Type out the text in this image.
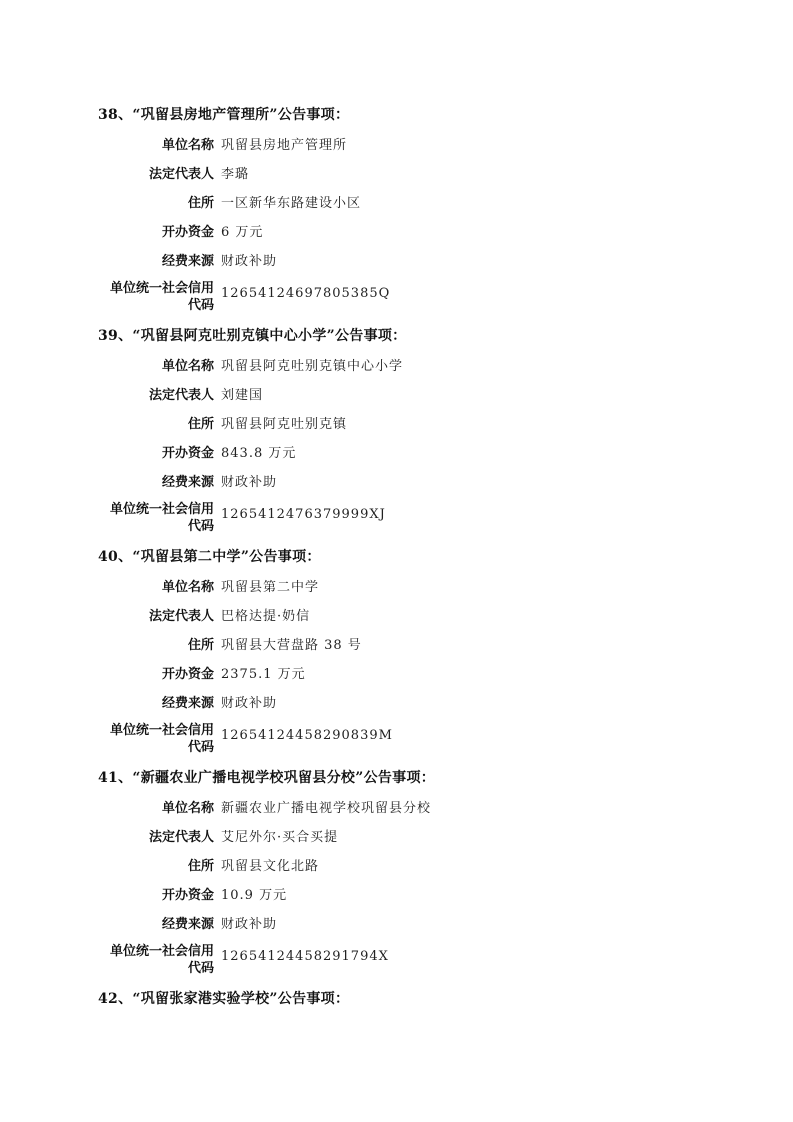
38、“巩留县房地产管理所”公告事项：
单位名称 巩留县房地产管理所
法定代表人 李璐
住所 一区新华东路建设小区
开办资金 6 万元
经费来源 财政补助
单位统一社会信用
代码
12654124697805385Q
39、“巩留县阿克吐别克镇中心小学”公告事项：
单位名称 巩留县阿克吐别克镇中心小学
法定代表人 刘建国
住所 巩留县阿克吐别克镇
开办资金 843.8 万元
经费来源 财政补助
单位统一社会信用
代码
1265412476379999XJ
40、“巩留县第二中学”公告事项：
单位名称 巩留县第二中学
法定代表人 巴格达提·奶信
住所 巩留县大营盘路 38 号
开办资金 2375.1 万元
经费来源 财政补助
单位统一社会信用
代码
12654124458290839M
41、“新疆农业广播电视学校巩留县分校”公告事项：
单位名称 新疆农业广播电视学校巩留县分校
法定代表人 艾尼外尔·买合买提
住所 巩留县文化北路
开办资金 10.9 万元
经费来源 财政补助
单位统一社会信用
代码
12654124458291794X
42、“巩留张家港实验学校”公告事项：
